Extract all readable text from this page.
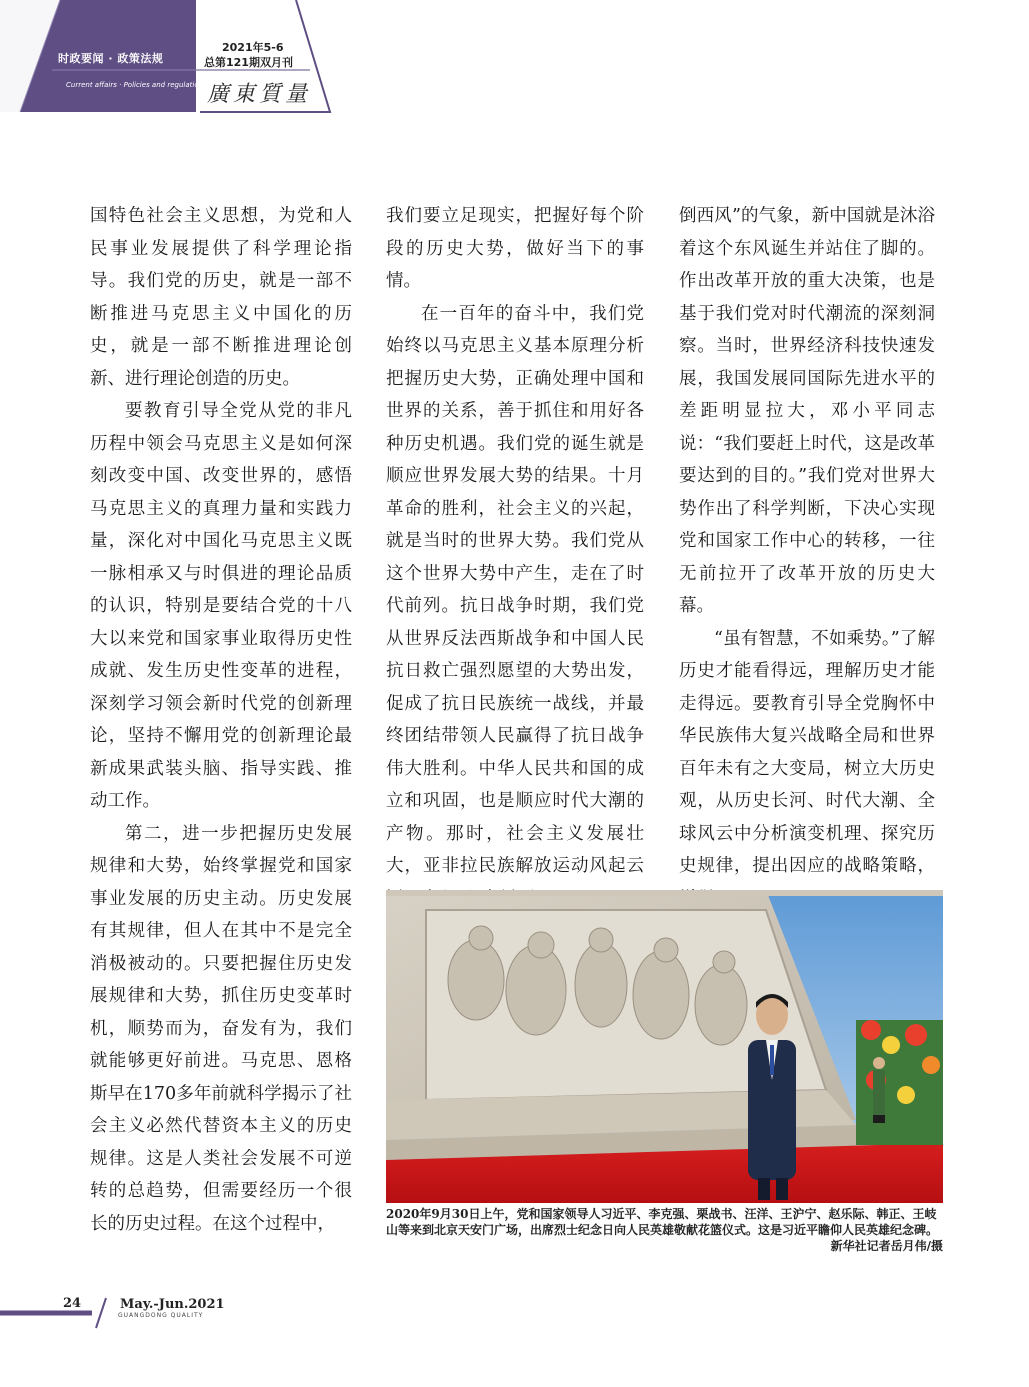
时政要闻 · 政策法规
Current affairs · Policies and regulations
2021年5-6
总第121期双月刊
廣東質量

国特色社会主义思想，为党和人民事业发展提供了科学理论指导。我们党的历史，就是一部不断推进马克思主义中国化的历史，就是一部不断推进理论创新、进行理论创造的历史。

要教育引导全党从党的非凡历程中领会马克思主义是如何深刻改变中国、改变世界的，感悟马克思主义的真理力量和实践力量，深化对中国化马克思主义既一脉相承又与时俱进的理论品质的认识，特别是要结合党的十八大以来党和国家事业取得历史性成就、发生历史性变革的进程，深刻学习领会新时代党的创新理论，坚持不懈用党的创新理论最新成果武装头脑、指导实践、推动工作。

第二，进一步把握历史发展规律和大势，始终掌握党和国家事业发展的历史主动。历史发展有其规律，但人在其中不是完全消极被动的。只要把握住历史发展规律和大势，抓住历史变革时机，顺势而为，奋发有为，我们就能够更好前进。马克思、恩格斯早在170多年前就科学揭示了社会主义必然代替资本主义的历史规律。这是人类社会发展不可逆转的总趋势，但需要经历一个很长的历史过程。在这个过程中，

我们要立足现实，把握好每个阶段的历史大势，做好当下的事情。

在一百年的奋斗中，我们党始终以马克思主义基本原理分析把握历史大势，正确处理中国和世界的关系，善于抓住和用好各种历史机遇。我们党的诞生就是顺应世界发展大势的结果。十月革命的胜利，社会主义的兴起，就是当时的世界大势。我们党从这个世界大势中产生，走在了时代前列。抗日战争时期，我们党从世界反法西斯战争和中国人民抗日救亡强烈愿望的大势出发，促成了抗日民族统一战线，并最终团结带领人民赢得了抗日战争伟大胜利。中华人民共和国的成立和巩固，也是顺应时代大潮的产物。那时，社会主义发展壮大，亚非拉民族解放运动风起云

倒西风”的气象，新中国就是沐浴着这个东风诞生并站住了脚的。作出改革开放的重大决策，也是基于我们党对时代潮流的深刻洞察。当时，世界经济科技快速发展，我国发展同国际先进水平的差距明显拉大，邓小平同志说：“我们要赶上时代，这是改革要达到的目的。”我们党对世界大势作出了科学判断，下决心实现党和国家工作中心的转移，一往无前拉开了改革开放的历史大幕。

“虽有智慧，不如乘势。”了解历史才能看得远，理解历史才能走得远。要教育引导全党胸怀中华民族伟大复兴战略全局和世界百年未有之大变局，树立大历史观，从历史长河、时代大潮、全球风云中分析演变机理、探究历史规律，提出因应的战略策略，

2020年9月30日上午，党和国家领导人习近平、李克强、栗战书、汪洋、王沪宁、赵乐际、韩正、王岐山等来到北京天安门广场，出席烈士纪念日向人民英雄敬献花篮仪式。这是习近平瞻仰人民英雄纪念碑。
新华社记者岳月伟/摄
24	May.-Jun.2021
GUANGDONG QUALITY
